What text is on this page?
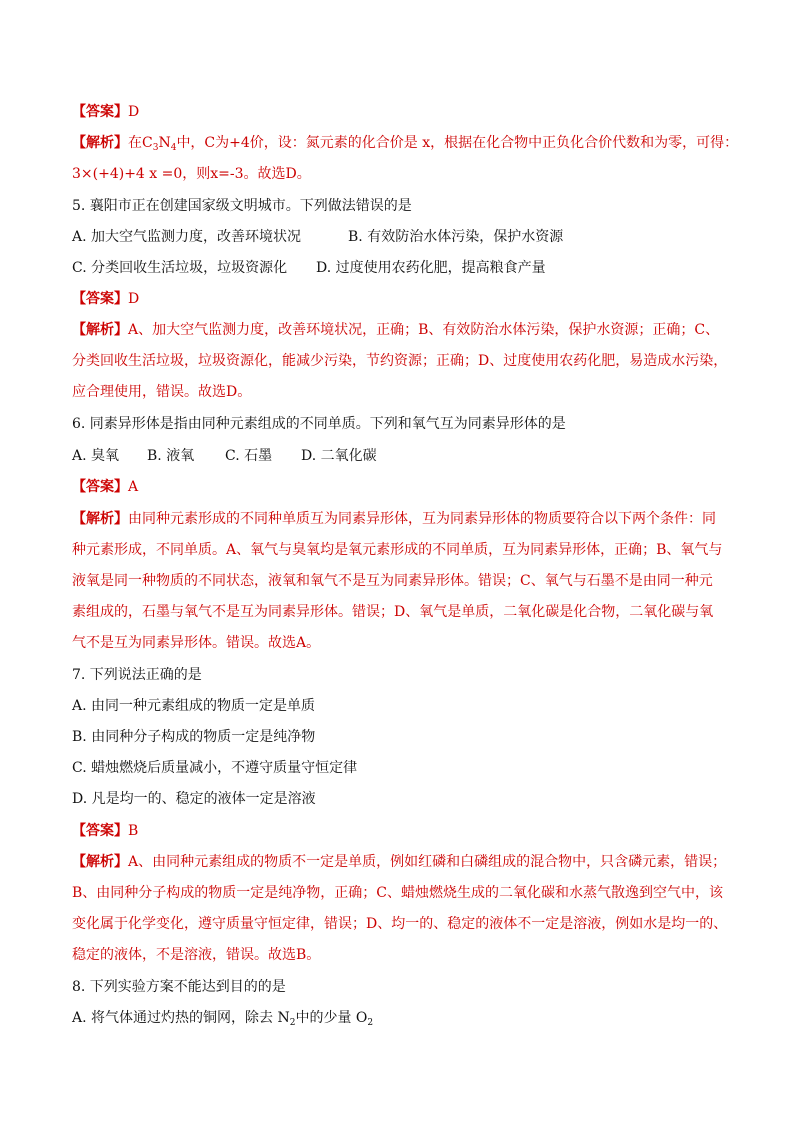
【答案】D
【解析】在$C_3N_4$中，C为+4价，设：氮元素的化合价是 x，根据在化合物中正负化合价代数和为零，可得：
3×(+4)+4 x =0，则x=-3。故选D。
5. 襄阳市正在创建国家级文明城市。下列做法错误的是
A. 加大空气监测力度，改善环境状况	B. 有效防治水体污染，保护水资源
C. 分类回收生活垃圾，垃圾资源化 D. 过度使用农药化肥，提高粮食产量
【答案】D
【解析】A、加大空气监测力度，改善环境状况，正确；B、有效防治水体污染，保护水资源；正确；C、
分类回收生活垃圾，垃圾资源化，能减少污染，节约资源；正确；D、过度使用农药化肥，易造成水污染，
应合理使用，错误。故选D。
6. 同素异形体是指由同种元素组成的不同单质。下列和氧气互为同素异形体的是
A. 臭氧 B. 液氧 C. 石墨 D. 二氧化碳
【答案】A
【解析】由同种元素形成的不同种单质互为同素异形体，互为同素异形体的物质要符合以下两个条件：同
种元素形成，不同单质。A、氧气与臭氧均是氧元素形成的不同单质，互为同素异形体，正确；B、氧气与
液氧是同一种物质的不同状态，液氧和氧气不是互为同素异形体。错误；C、氧气与石墨不是由同一种元
素组成的，石墨与氧气不是互为同素异形体。错误；D、氧气是单质，二氧化碳是化合物，二氧化碳与氧
气不是互为同素异形体。错误。故选A。
7. 下列说法正确的是
A. 由同一种元素组成的物质一定是单质
B. 由同种分子构成的物质一定是纯净物
C. 蜡烛燃烧后质量减小，不遵守质量守恒定律
D. 凡是均一的、稳定的液体一定是溶液
【答案】B
【解析】A、由同种元素组成的物质不一定是单质，例如红磷和白磷组成的混合物中，只含磷元素，错误；
B、由同种分子构成的物质一定是纯净物，正确；C、蜡烛燃烧生成的二氧化碳和水蒸气散逸到空气中，该
变化属于化学变化，遵守质量守恒定律，错误；D、均一的、稳定的液体不一定是溶液，例如水是均一的、
稳定的液体，不是溶液，错误。故选B。
8. 下列实验方案不能达到目的的是
A. 将气体通过灼热的铜网，除去 $N_2$中的少量 $O_2$
